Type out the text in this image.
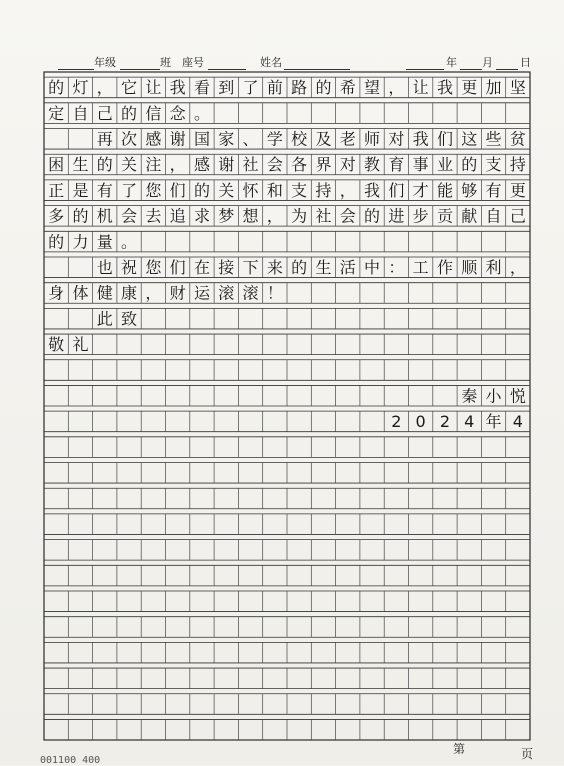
年级	班 座号	姓名	年 月 日
的 灯 ， 它 让 我 看 到 了 前 路 的 希 望 ， 让 我 更 加 坚
定 自 己 的 信 念 。
再 次 感 谢 国 家 、 学 校 及 老 师 对 我 们 这 些 贫
困 生 的 关 注 ， 感 谢 社 会 各 界 对 教 育 事 业 的 支 持
正 是 有 了 您 们 的 关 怀 和 支 持 ， 我 们 才 能 够 有 更
多 的 机 会 去 追 求 梦 想 ， 为 社 会 的 进 步 贡 献 自 己
的 力 量 。
也 祝 您 们 在 接 下 来 的 生 活 中 ： 工 作 顺 利 ，
身 体 健 康 ， 财 运 滚 滚 ！
此 致
敬 礼
秦 小 悦
2 0 2 4 年 4
第	页
001100 400
